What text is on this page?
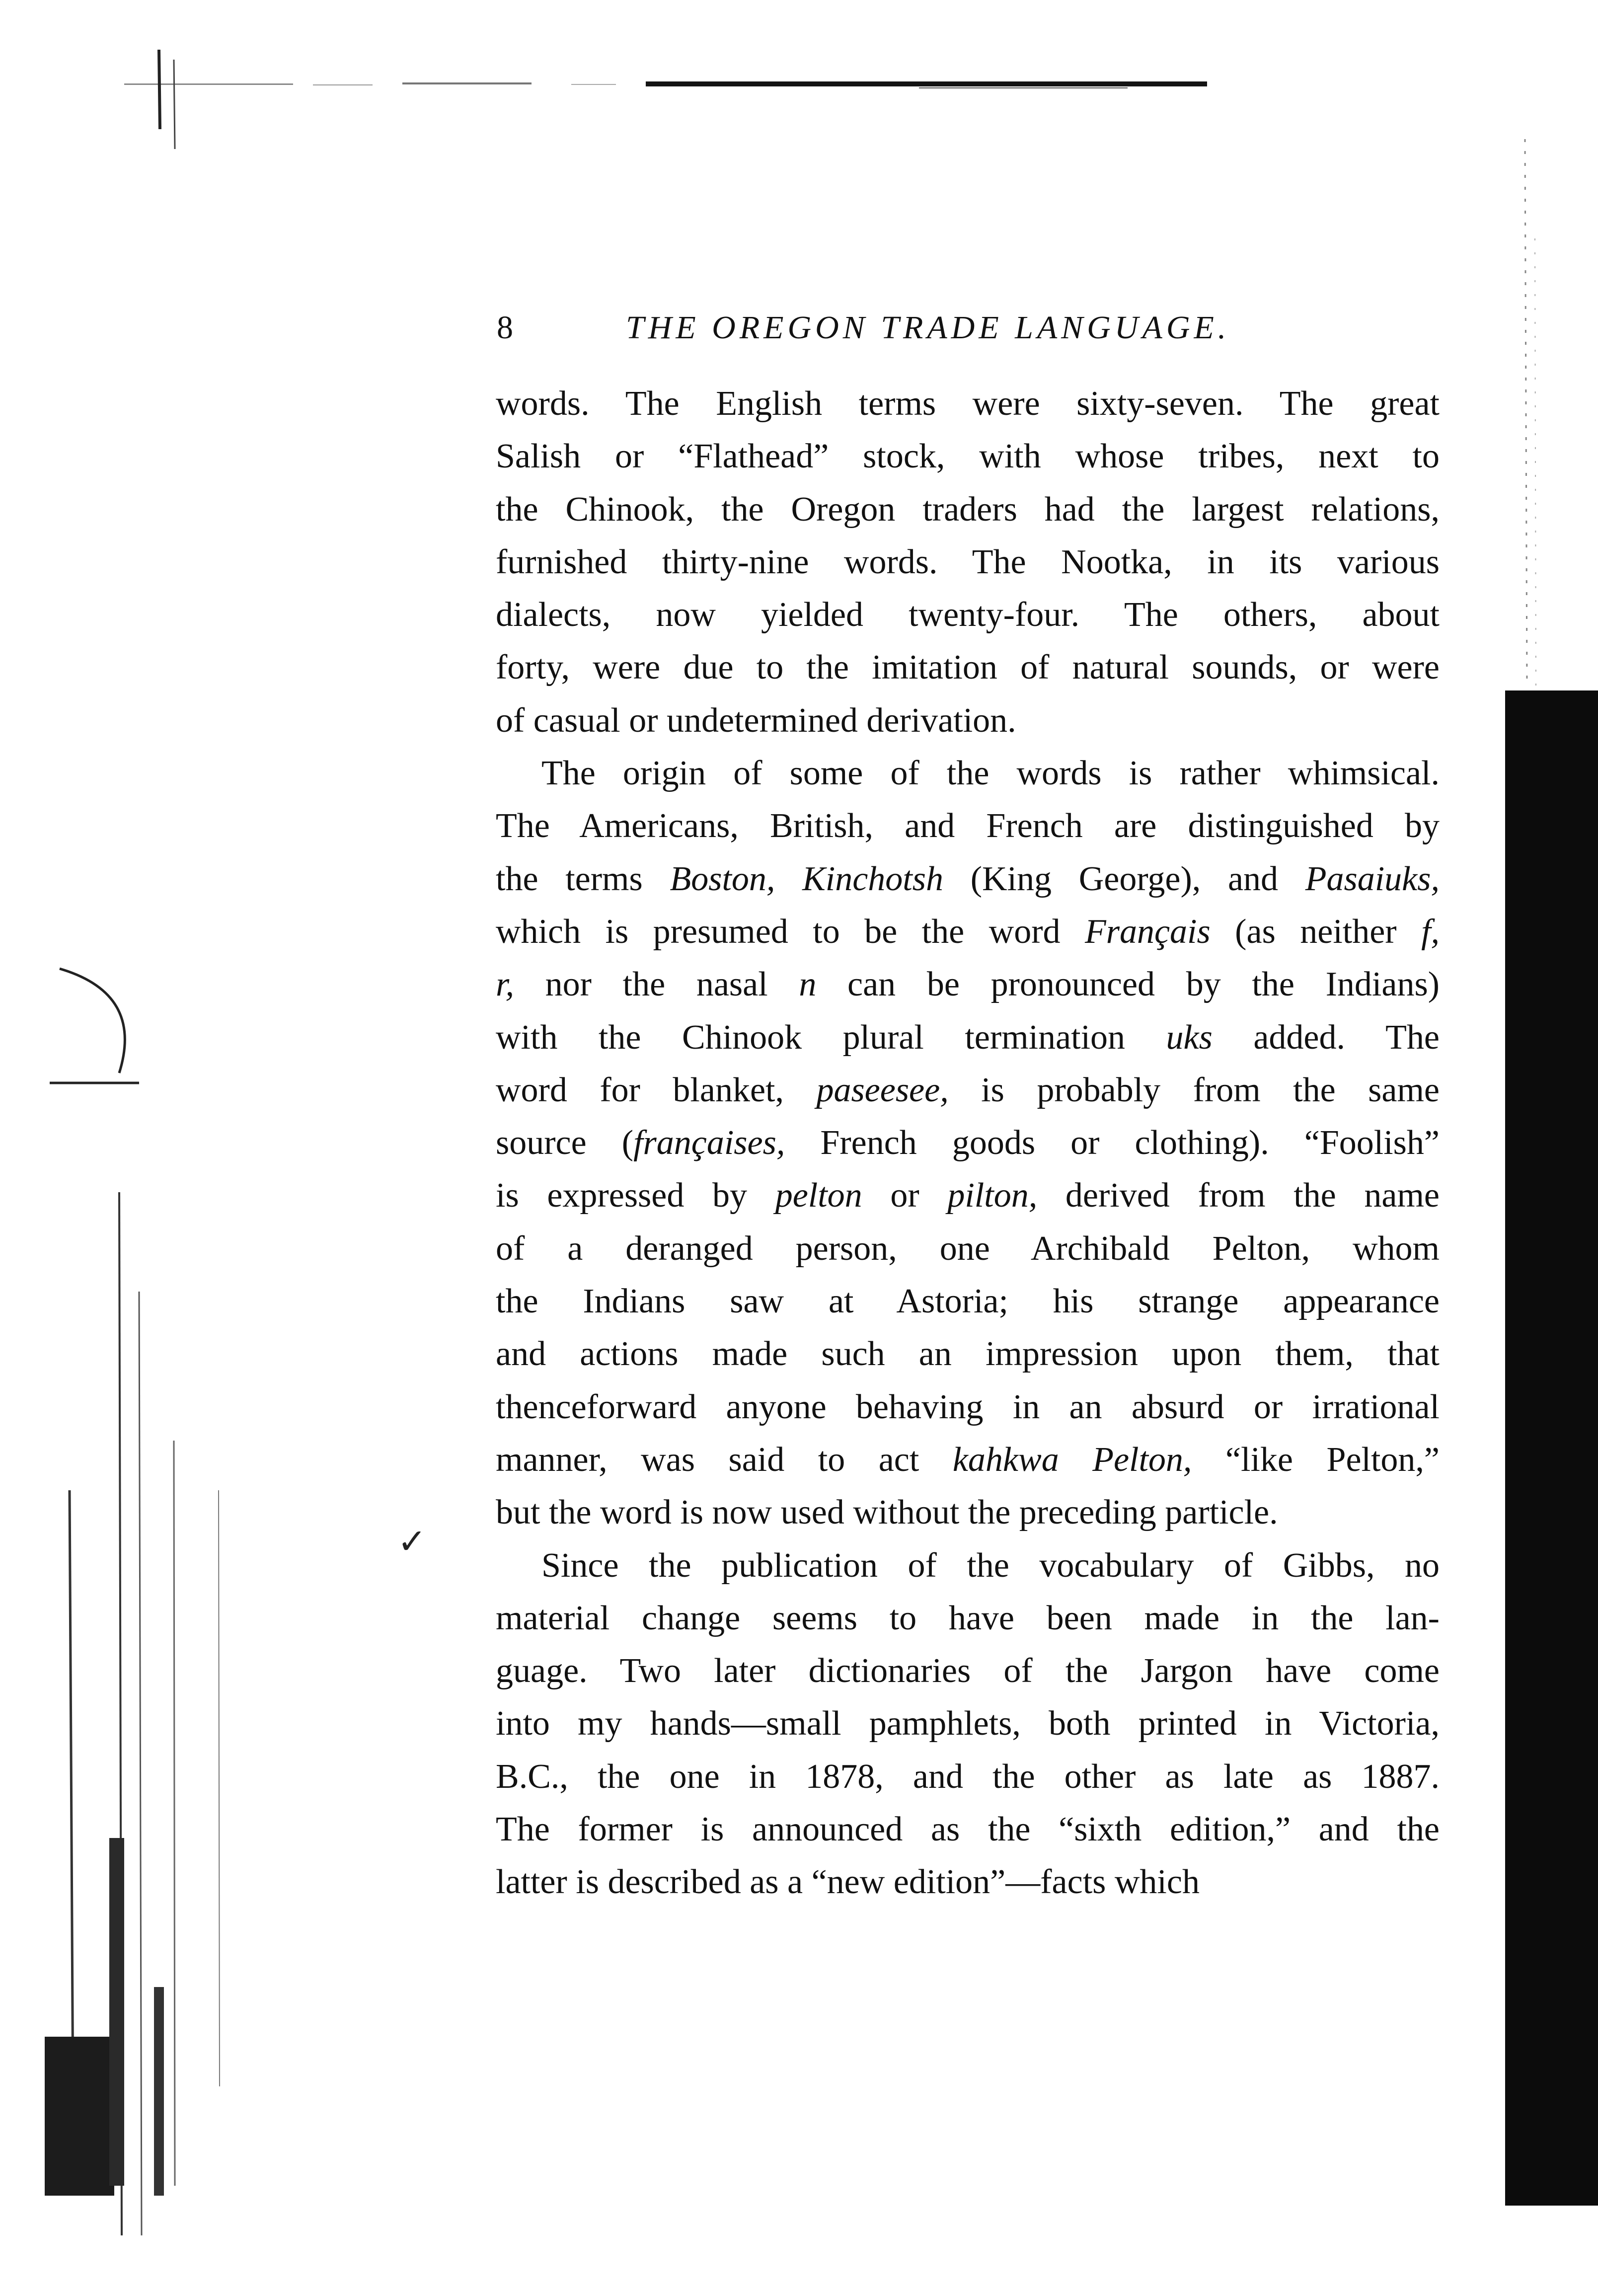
8	THE OREGON TRADE LANGUAGE.
words. The English terms were sixty-seven. The great
Salish or “Flathead” stock, with whose tribes, next to
the Chinook, the Oregon traders had the largest relations,
furnished thirty-nine words. The Nootka, in its various
dialects, now yielded twenty-four. The others, about
forty, were due to the imitation of natural sounds, or were
of casual or undetermined derivation.
The origin of some of the words is rather whimsical.
The Americans, British, and French are distinguished by
the terms Boston, Kinchotsh (King George), and Pasaiuks,
which is presumed to be the word Français (as neither f,
r, nor the nasal n can be pronounced by the Indians)
with the Chinook plural termination uks added. The
word for blanket, paseesee, is probably from the same
source (françaises, French goods or clothing). “Foolish”
is expressed by pelton or pilton, derived from the name
of a deranged person, one Archibald Pelton, whom
the Indians saw at Astoria; his strange appearance
and actions made such an impression upon them, that
thenceforward anyone behaving in an absurd or irrational
manner, was said to act kahkwa Pelton, “like Pelton,”
but the word is now used without the preceding particle.
Since the publication of the vocabulary of Gibbs, no
material change seems to have been made in the lan-
guage. Two later dictionaries of the Jargon have come
into my hands—small pamphlets, both printed in Victoria,
B.C., the one in 1878, and the other as late as 1887.
The former is announced as the “sixth edition,” and the
latter is described as a “new edition”—facts which
✓
